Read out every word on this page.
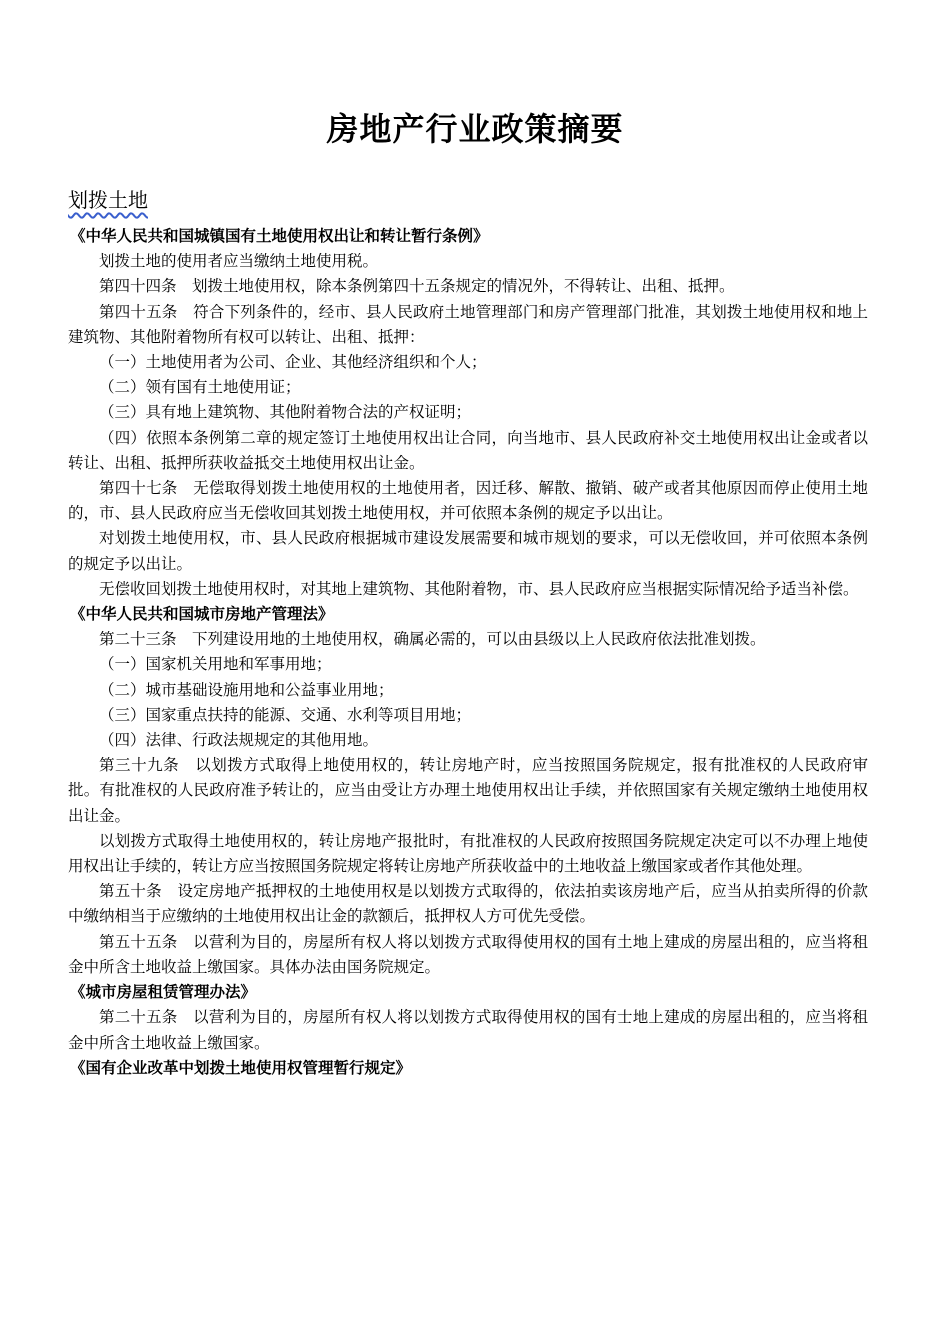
房地产行业政策摘要
划拨土地
《中华人民共和国城镇国有土地使用权出让和转让暂行条例》
划拨土地的使用者应当缴纳土地使用税。
第四十四条　划拨土地使用权，除本条例第四十五条规定的情况外，不得转让、出租、抵押。
第四十五条　符合下列条件的，经市、县人民政府土地管理部门和房产管理部门批准，其划拨土地使用权和地上建筑物、其他附着物所有权可以转让、出租、抵押：
（一）土地使用者为公司、企业、其他经济组织和个人；
（二）领有国有土地使用证；
（三）具有地上建筑物、其他附着物合法的产权证明；
（四）依照本条例第二章的规定签订土地使用权出让合同，向当地市、县人民政府补交土地使用权出让金或者以转让、出租、抵押所获收益抵交土地使用权出让金。
第四十七条　无偿取得划拨土地使用权的土地使用者，因迁移、解散、撤销、破产或者其他原因而停止使用土地的，市、县人民政府应当无偿收回其划拨土地使用权，并可依照本条例的规定予以出让。
对划拨土地使用权，市、县人民政府根据城市建设发展需要和城市规划的要求，可以无偿收回，并可依照本条例的规定予以出让。
无偿收回划拨土地使用权时，对其地上建筑物、其他附着物，市、县人民政府应当根据实际情况给予适当补偿。
《中华人民共和国城市房地产管理法》
第二十三条　下列建设用地的土地使用权，确属必需的，可以由县级以上人民政府依法批准划拨。
（一）国家机关用地和军事用地；
（二）城市基础设施用地和公益事业用地；
（三）国家重点扶持的能源、交通、水利等项目用地；
（四）法律、行政法规规定的其他用地。
第三十九条　以划拨方式取得上地使用权的，转让房地产时，应当按照国务院规定，报有批准权的人民政府审批。有批准权的人民政府准予转让的，应当由受让方办理土地使用权出让手续，并依照国家有关规定缴纳土地使用权出让金。
以划拨方式取得土地使用权的，转让房地产报批时，有批准权的人民政府按照国务院规定决定可以不办理上地使用权出让手续的，转让方应当按照国务院规定将转让房地产所获收益中的土地收益上缴国家或者作其他处理。
第五十条　设定房地产抵押权的土地使用权是以划拨方式取得的，依法拍卖该房地产后，应当从拍卖所得的价款中缴纳相当于应缴纳的土地使用权出让金的款额后，抵押权人方可优先受偿。
第五十五条　以营利为目的，房屋所有权人将以划拨方式取得使用权的国有土地上建成的房屋出租的，应当将租金中所含土地收益上缴国家。具体办法由国务院规定。
《城市房屋租赁管理办法》
第二十五条　以营利为目的，房屋所有权人将以划拨方式取得使用权的国有士地上建成的房屋出租的，应当将租金中所含土地收益上缴国家。
《国有企业改革中划拨土地使用权管理暂行规定》
